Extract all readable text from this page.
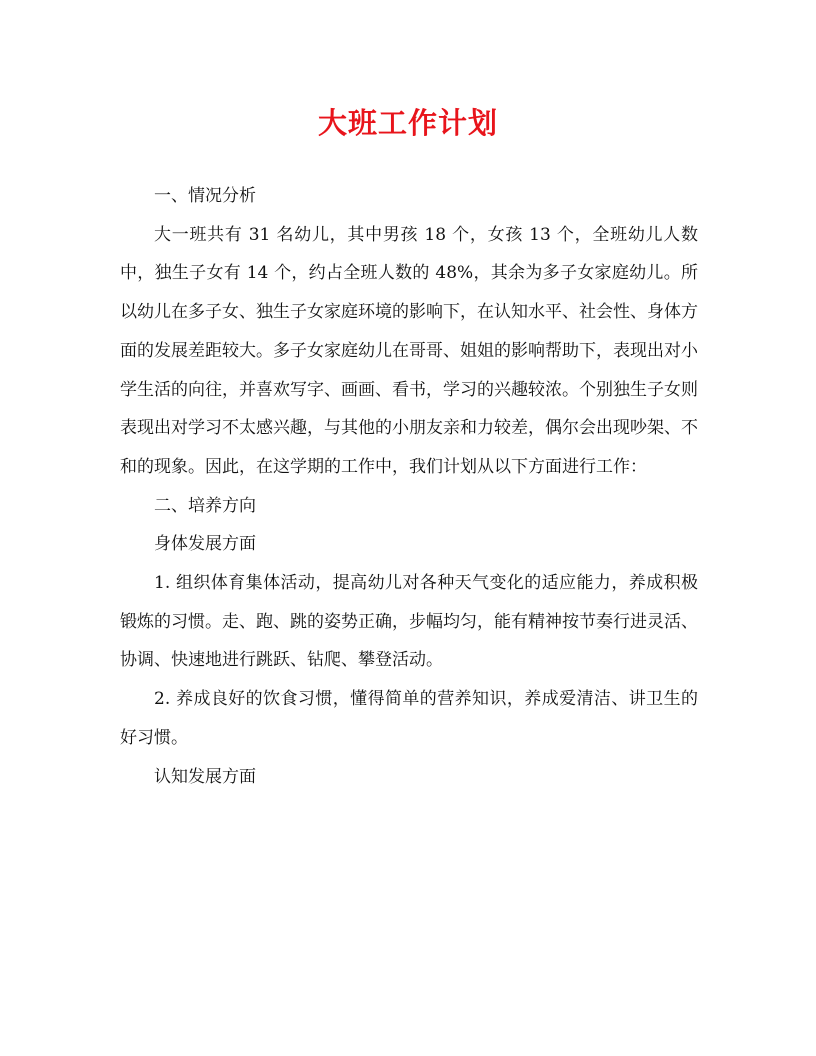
大班工作计划

一、情况分析

大一班共有 31 名幼儿，其中男孩 18 个，女孩 13 个，全班幼儿人数中，独生子女有 14 个，约占全班人数的 48%，其余为多子女家庭幼儿。所以幼儿在多子女、独生子女家庭环境的影响下，在认知水平、社会性、身体方面的发展差距较大。多子女家庭幼儿在哥哥、姐姐的影响帮助下，表现出对小学生活的向往，并喜欢写字、画画、看书，学习的兴趣较浓。个别独生子女则表现出对学习不太感兴趣，与其他的小朋友亲和力较差，偶尔会出现吵架、不和的现象。因此，在这学期的工作中，我们计划从以下方面进行工作：

二、培养方向

身体发展方面

1. 组织体育集体活动，提高幼儿对各种天气变化的适应能力，养成积极锻炼的习惯。走、跑、跳的姿势正确，步幅均匀，能有精神按节奏行进灵活、协调、快速地进行跳跃、钻爬、攀登活动。

2. 养成良好的饮食习惯，懂得简单的营养知识，养成爱清洁、讲卫生的好习惯。

认知发展方面
